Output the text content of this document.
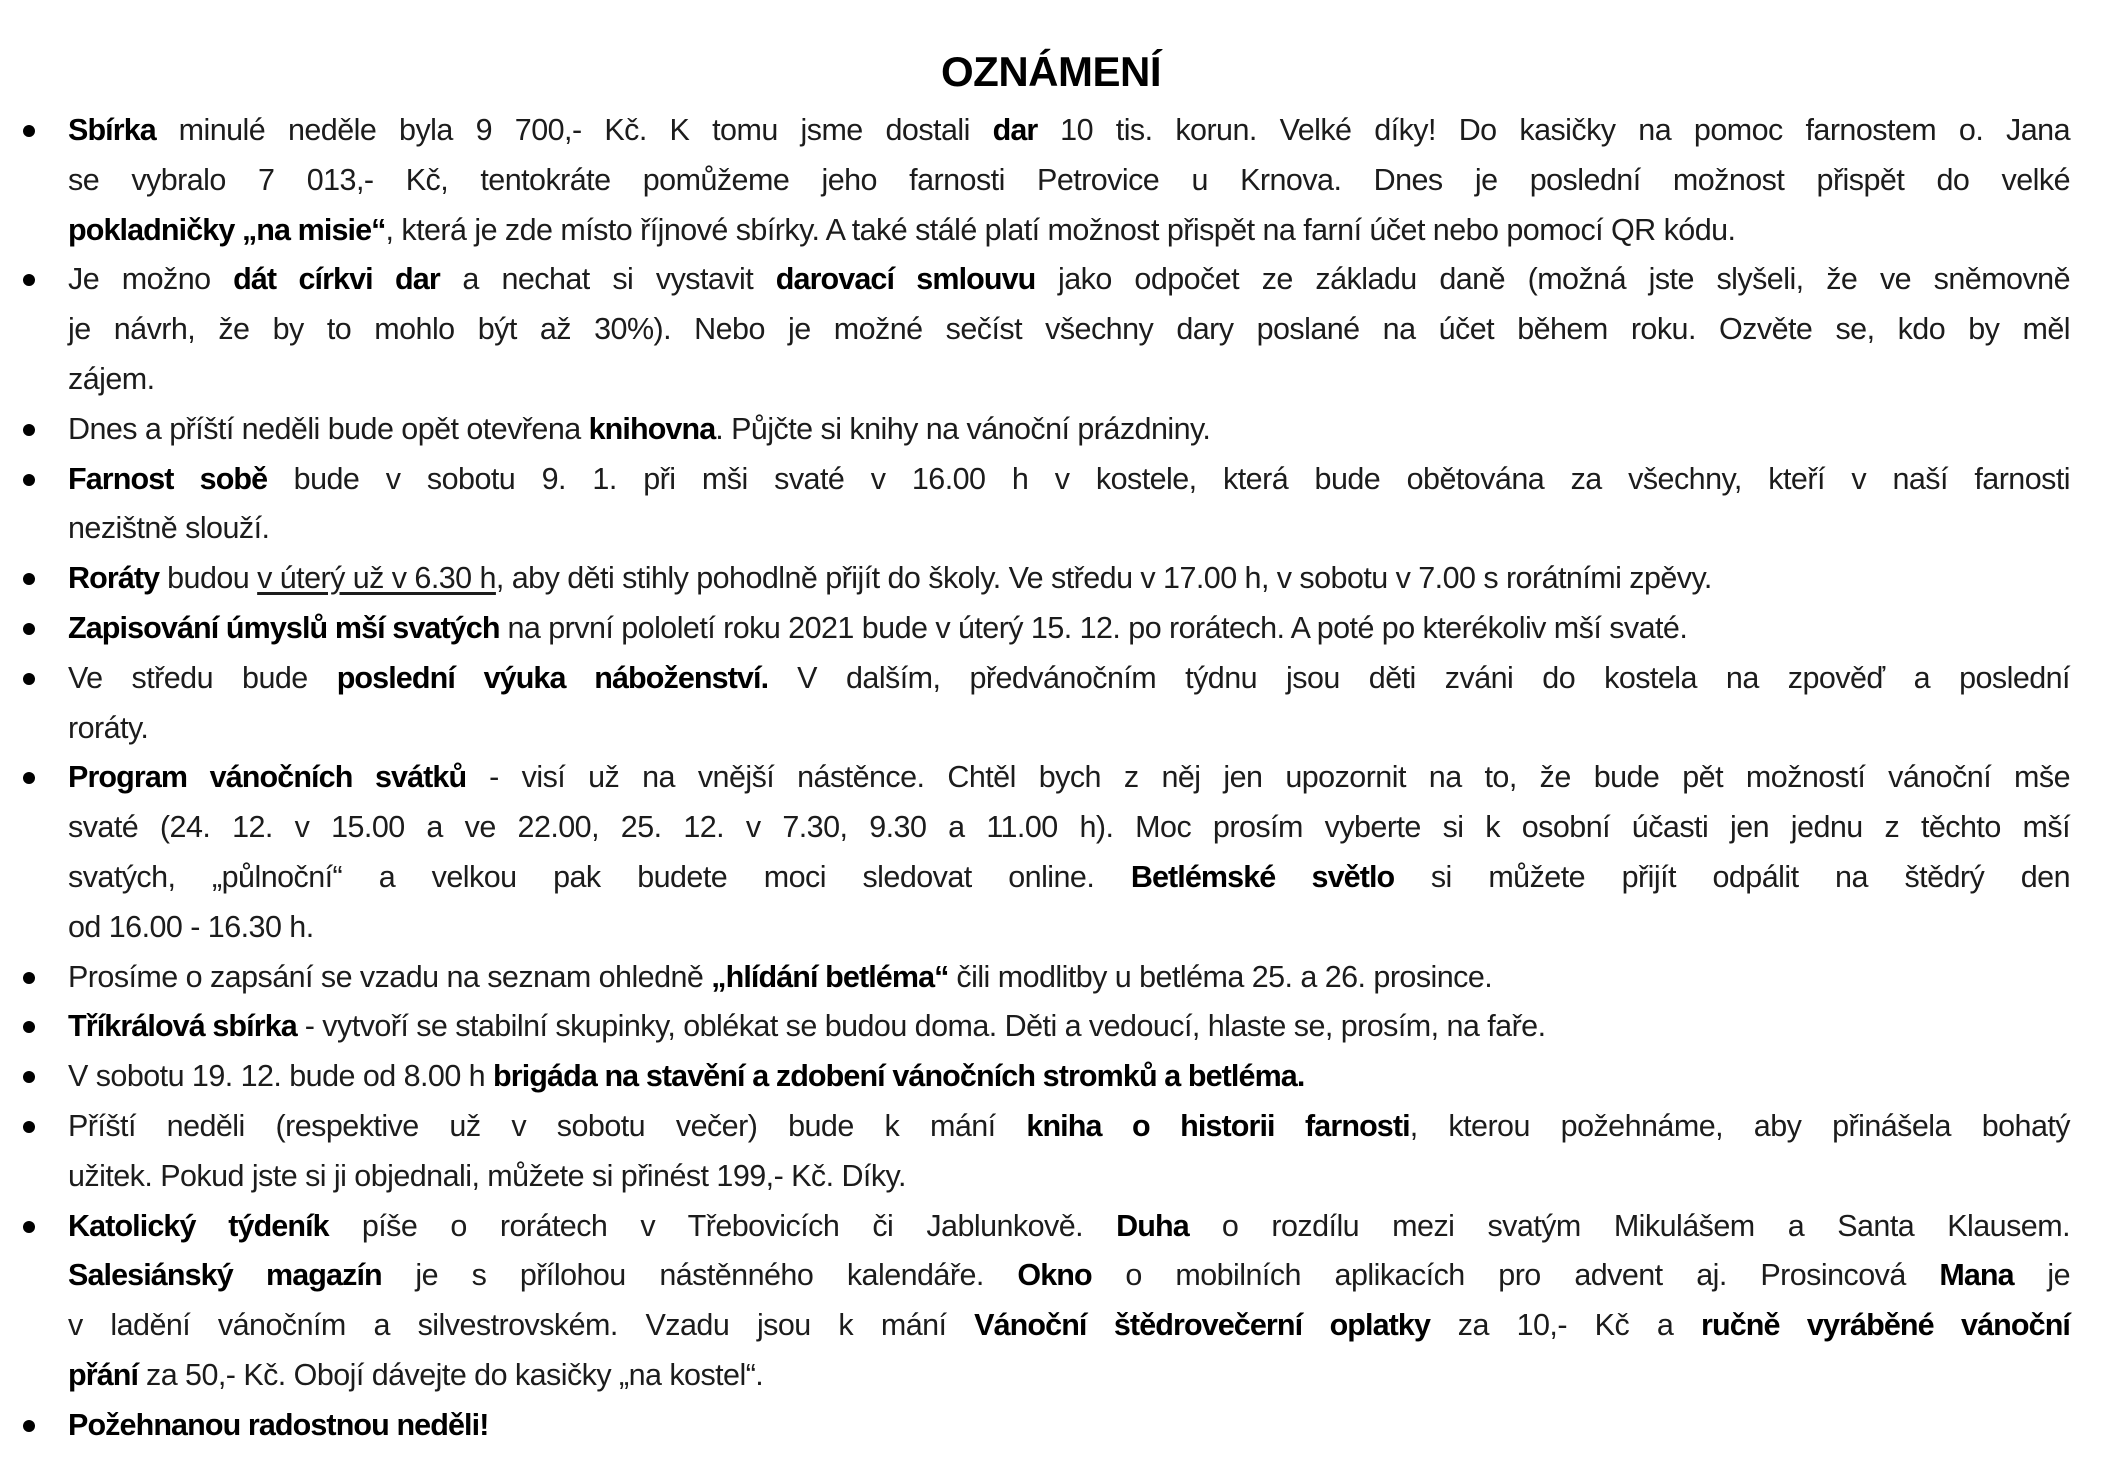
OZNÁMENÍ
Sbírka minulé neděle byla 9 700,- Kč. K tomu jsme dostali dar 10 tis. korun. Velké díky! Do kasičky na pomoc farnostem o. Jana
se vybralo 7 013,- Kč, tentokráte pomůžeme jeho farnosti Petrovice u Krnova. Dnes je poslední možnost přispět do velké
pokladničky „na misie“, která je zde místo říjnové sbírky. A také stálé platí možnost přispět na farní účet nebo pomocí QR kódu.
Je možno dát církvi dar a nechat si vystavit darovací smlouvu jako odpočet ze základu daně (možná jste slyšeli, že ve sněmovně
je návrh, že by to mohlo být až 30%). Nebo je možné sečíst všechny dary poslané na účet během roku. Ozvěte se, kdo by měl
zájem.
Dnes a příští neděli bude opět otevřena knihovna. Půjčte si knihy na vánoční prázdniny.
Farnost sobě bude v sobotu 9. 1. při mši svaté v 16.00 h v kostele, která bude obětována za všechny, kteří v naší farnosti
nezištně slouží.
Roráty budou v úterý už v 6.30 h, aby děti stihly pohodlně přijít do školy. Ve středu v 17.00 h, v sobotu v 7.00 s rorátními zpěvy.
Zapisování úmyslů mší svatých na první pololetí roku 2021 bude v úterý 15. 12. po rorátech. A poté po kterékoliv mší svaté.
Ve středu bude poslední výuka náboženství. V dalším, předvánočním týdnu jsou děti zváni do kostela na zpověď a poslední
roráty.
Program vánočních svátků - visí už na vnější nástěnce. Chtěl bych z něj jen upozornit na to, že bude pět možností vánoční mše
svaté (24. 12. v 15.00 a ve 22.00, 25. 12. v 7.30, 9.30 a 11.00 h). Moc prosím vyberte si k osobní účasti jen jednu z těchto mší
svatých, „půlnoční“ a velkou pak budete moci sledovat online. Betlémské světlo si můžete přijít odpálit na štědrý den
od 16.00 - 16.30 h.
Prosíme o zapsání se vzadu na seznam ohledně „hlídání betléma“ čili modlitby u betléma 25. a 26. prosince.
Tříkrálová sbírka - vytvoří se stabilní skupinky, oblékat se budou doma. Děti a vedoucí, hlaste se, prosím, na faře.
V sobotu 19. 12. bude od 8.00 h brigáda na stavění a zdobení vánočních stromků a betléma.
Příští neděli (respektive už v sobotu večer) bude k mání kniha o historii farnosti, kterou požehnáme, aby přinášela bohatý
užitek. Pokud jste si ji objednali, můžete si přinést 199,- Kč. Díky.
Katolický týdeník píše o rorátech v Třebovicích či Jablunkově. Duha o rozdílu mezi svatým Mikulášem a Santa Klausem.
Salesiánský magazín je s přílohou nástěnného kalendáře. Okno o mobilních aplikacích pro advent aj. Prosincová Mana je
v ladění vánočním a silvestrovském. Vzadu jsou k mání Vánoční štědrovečerní oplatky za 10,- Kč a ručně vyráběné vánoční
přání za 50,- Kč. Obojí dávejte do kasičky „na kostel“.
Požehnanou radostnou neděli!
